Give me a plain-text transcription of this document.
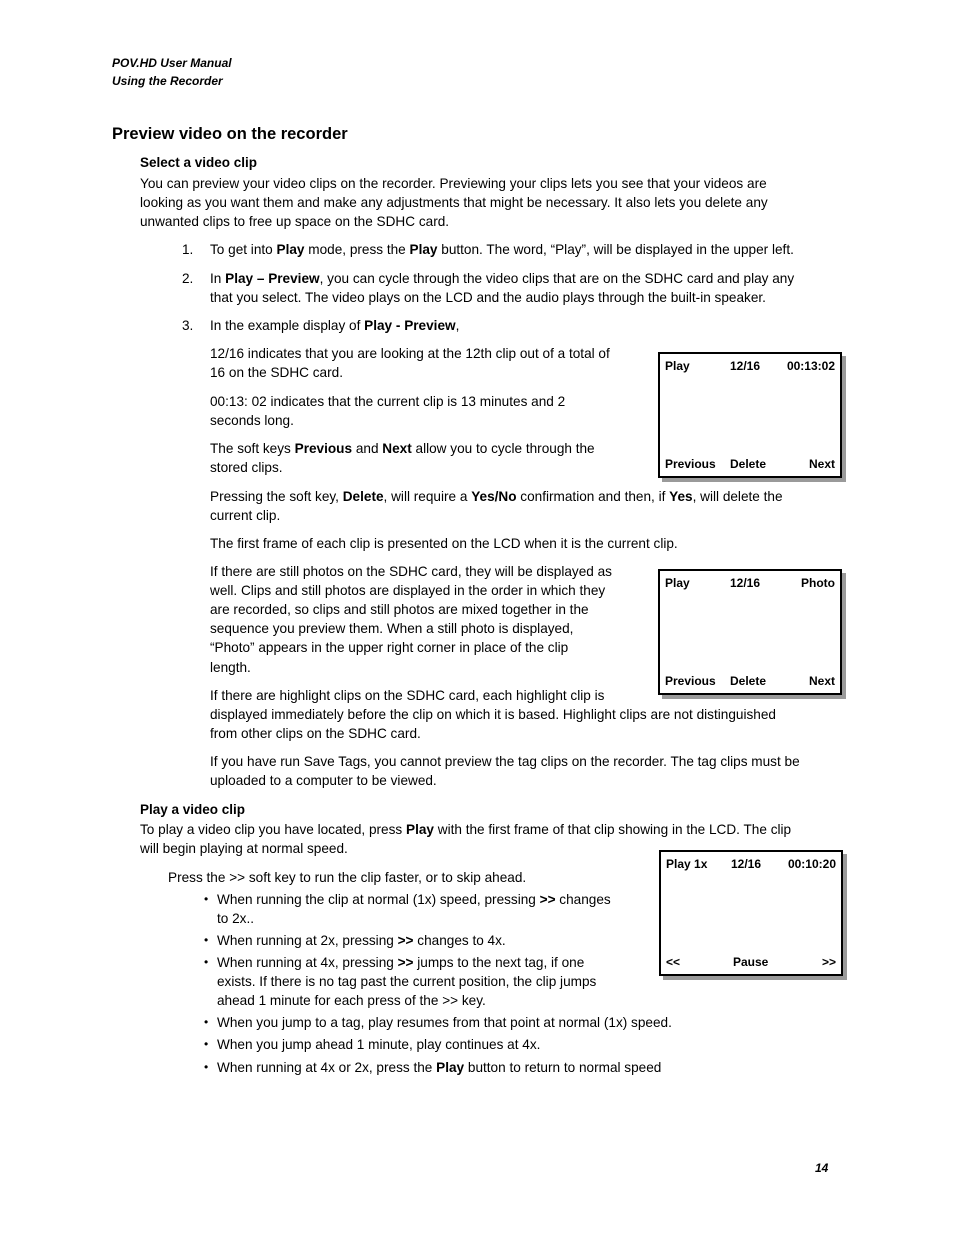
POV.HD User Manual
Using the Recorder
Preview video on the recorder
Select a video clip
You can preview your video clips on the recorder. Previewing your clips lets you see that your videos are
looking as you want them and make any adjustments that might be necessary. It also lets you delete any
unwanted clips to free up space on the SDHC card.
1. To get into Play mode, press the Play button. The word, “Play”, will be displayed in the upper left.
2. In Play – Preview, you can cycle through the video clips that are on the SDHC card and play any
that you select. The video plays on the LCD and the audio plays through the built-in speaker.
3. In the example display of Play - Preview,
12/16 indicates that you are looking at the 12th clip out of a total of
16 on the SDHC card.
00:13: 02 indicates that the current clip is 13 minutes and 2
seconds long.
The soft keys Previous and Next allow you to cycle through the
stored clips.
Pressing the soft key, Delete, will require a Yes/No confirmation and then, if Yes, will delete the
current clip.
The first frame of each clip is presented on the LCD when it is the current clip.
If there are still photos on the SDHC card, they will be displayed as
well. Clips and still photos are displayed in the order in which they
are recorded, so clips and still photos are mixed together in the
sequence you preview them. When a still photo is displayed,
“Photo” appears in the upper right corner in place of the clip
length.
If there are highlight clips on the SDHC card, each highlight clip is
displayed immediately before the clip on which it is based. Highlight clips are not distinguished
from other clips on the SDHC card.
If you have run Save Tags, you cannot preview the tag clips on the recorder. The tag clips must be
uploaded to a computer to be viewed.
Play a video clip
To play a video clip you have located, press Play with the first frame of that clip showing in the LCD. The clip
will begin playing at normal speed.
Press the >> soft key to run the clip faster, or to skip ahead.
• When running the clip at normal (1x) speed, pressing >> changes
to 2x..
• When running at 2x, pressing >> changes to 4x.
• When running at 4x, pressing >> jumps to the next tag, if one
exists. If there is no tag past the current position, the clip jumps
ahead 1 minute for each press of the >> key.
• When you jump to a tag, play resumes from that point at normal (1x) speed.
• When you jump ahead 1 minute, play continues at 4x.
• When running at 4x or 2x, press the Play button to return to normal speed
Play	12/16 00:13:02
Previous Delete	Next
Play	12/16	Photo
Previous Delete	Next
Play 1x 12/16 00:10:20
<<	Pause	>>
14
